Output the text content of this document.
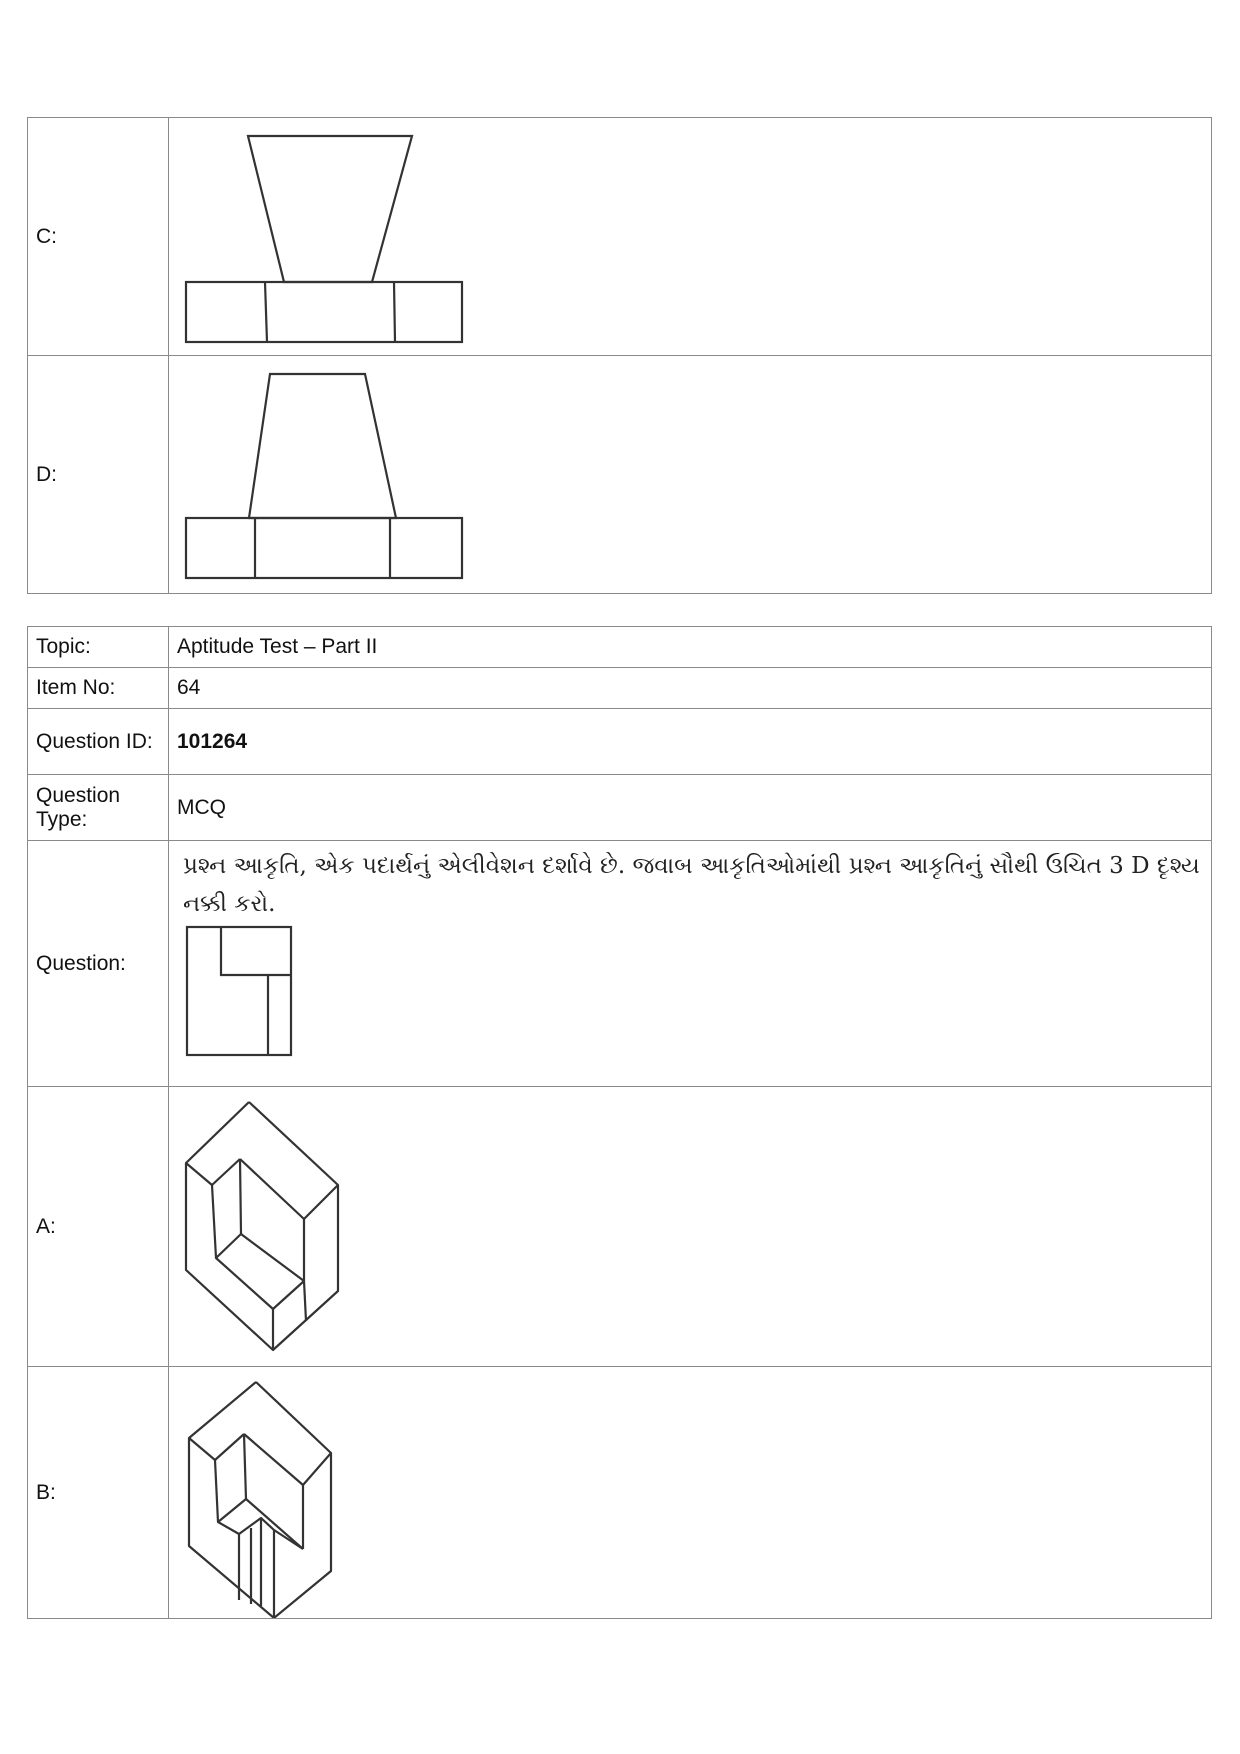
C:	

D:	
Topic:	Aptitude Test – Part II
Item No:	64
Question ID:	101264
Question Type:	MCQ
Question:	પ્રશ્ન આકૃતિ, એક પદાર્થનું એલીવેશન દર્શાવે છે. જવાબ આકૃતિઓમાંથી પ્રશ્ન આકૃતિનું સૌથી ઉચિત 3 D દૃશ્ય નક્કી કરો.

A:	

B:	
